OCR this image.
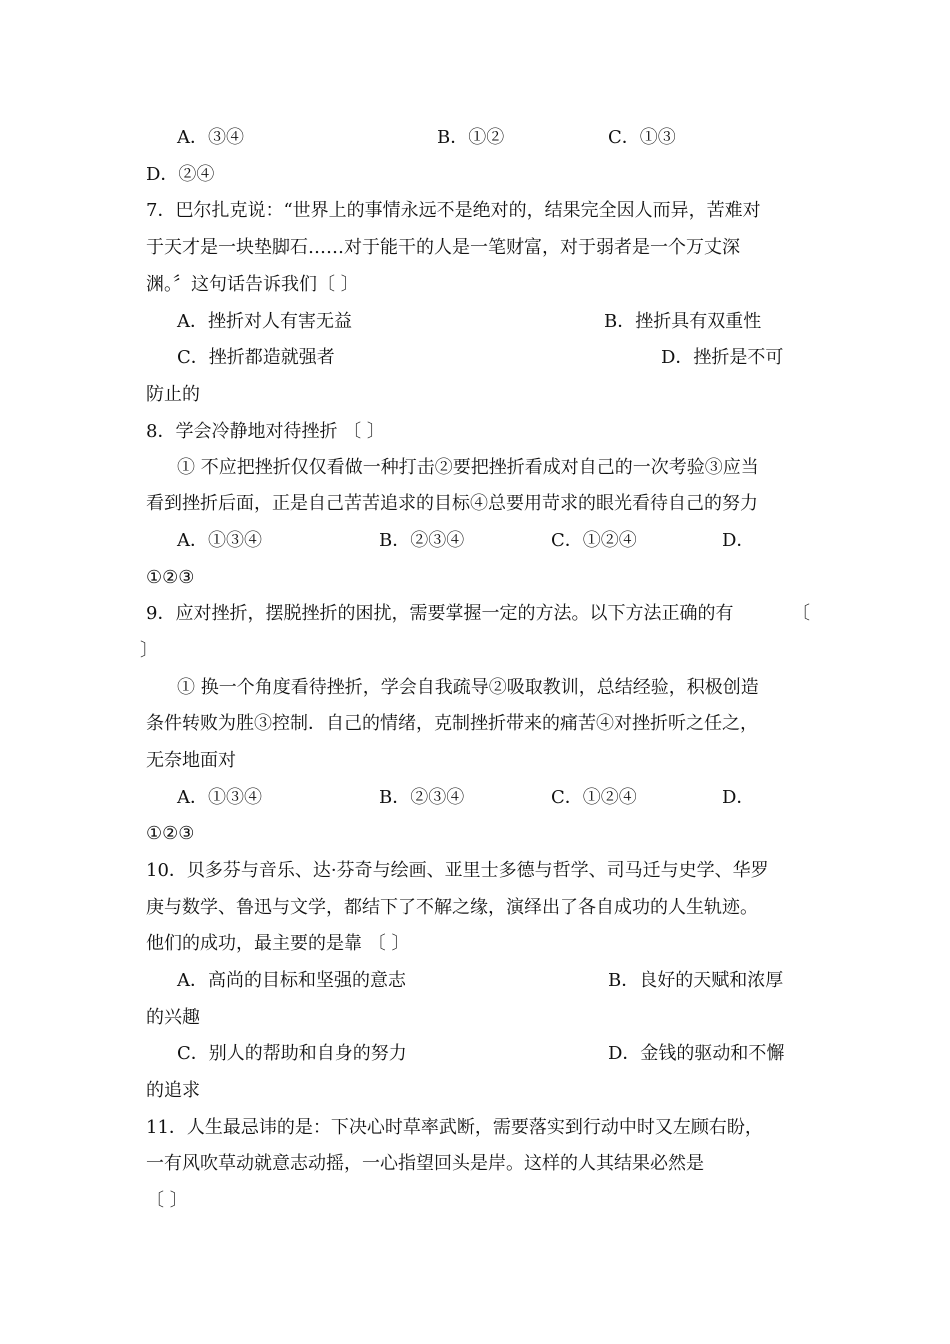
A．③④	B．①②	C．①③
D．②④
7．巴尔扎克说：“世界上的事情永远不是绝对的，结果完全因人而异，苦难对
于天才是一块垫脚石……对于能干的人是一笔财富，对于弱者是一个万丈深
渊。〞这句话告诉我们〔 〕
A．挫折对人有害无益	B．挫折具有双重性
C．挫折都造就强者	D．挫折是不可
防止的
8．学会冷静地对待挫折 〔 〕
① 不应把挫折仅仅看做一种打击②要把挫折看成对自己的一次考验③应当
看到挫折后面，正是自己苦苦追求的目标④总要用苛求的眼光看待自己的努力
A．①③④	B．②③④	C．①②④	D．
①②③
9．应对挫折，摆脱挫折的困扰，需要掌握一定的方法。以下方法正确的有	〔
〕
① 换一个角度看待挫折，学会自我疏导②吸取教训，总结经验，积极创造
条件转败为胜③控制．自己的情绪，克制挫折带来的痛苦④对挫折听之任之，
无奈地面对
A．①③④	B．②③④	C．①②④	D．
①②③
10．贝多芬与音乐、达·芬奇与绘画、亚里士多德与哲学、司马迁与史学、华罗
庚与数学、鲁迅与文学，都结下了不解之缘，演绎出了各自成功的人生轨迹。
他们的成功，最主要的是靠 〔 〕
A．高尚的目标和坚强的意志	B．良好的天赋和浓厚
的兴趣
C．别人的帮助和自身的努力	D．金钱的驱动和不懈
的追求
11．人生最忌讳的是：下决心时草率武断，需要落实到行动中时又左顾右盼，
一有风吹草动就意志动摇，一心指望回头是岸。这样的人其结果必然是
〔 〕
